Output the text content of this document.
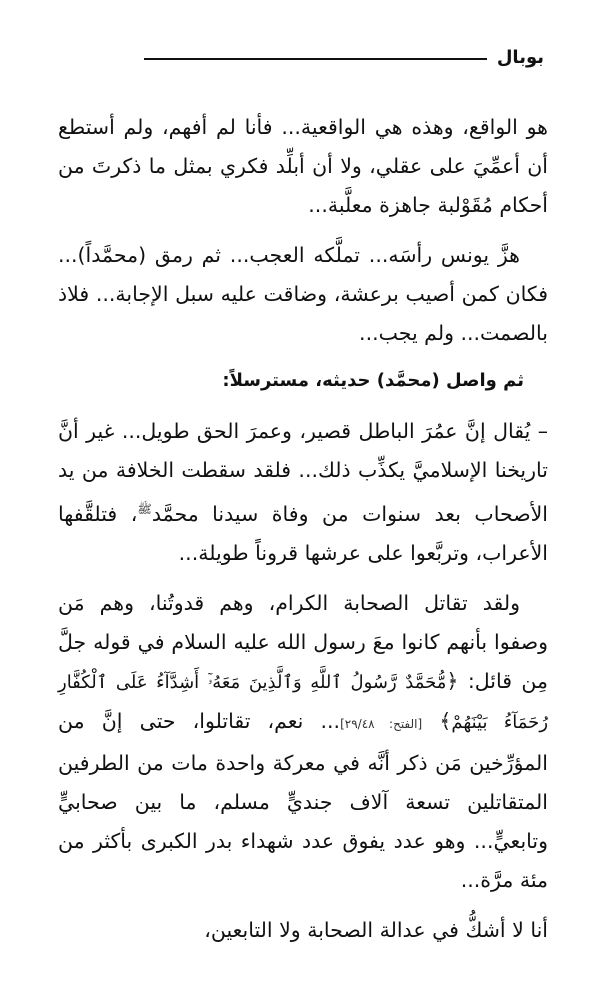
بوبال

هو الواقع، وهذه هي الواقعية... فأنا لم أفهم، ولم أستطع أن أعمِّيَ على عقلي، ولا أن أبلِّد فكري بمثل ما ذكرتَ من أحكام مُقَوْلبة جاهزة معلَّبة...

هزَّ يونس رأسَه... تملَّكه العجب... ثم رمق (محمَّداً)... فكان كمن أصيب برعشة، وضاقت عليه سبل الإجابة... فلاذ بالصمت... ولم يجب...

ثم واصل (محمَّد) حديثه، مسترسلاً:

– يُقال إنَّ عمُرَ الباطل قصير، وعمرَ الحق طويل... غير أنَّ تاريخنا الإسلاميَّ يكذِّب ذلك... فلقد سقطت الخلافة من يد الأصحاب بعد سنوات من وفاة سيدنا محمَّد$^ﷺ$، فتلقَّفها الأعراب، وتربَّعوا على عرشها قروناً طويلة...

ولقد تقاتل الصحابة الكرام، وهم قدوتُنا، وهم مَن وصفوا بأنهم كانوا معَ رسول الله عليه السلام في قوله جلَّ مِن قائل: ﴿مُّحَمَّدٌ رَّسُولُ ٱللَّهِ وَٱلَّذِينَ مَعَهُۥٓ أَشِدَّآءُ عَلَى ٱلْكُفَّارِ رُحَمَآءُ بَيْنَهُمْ﴾ [الفتح: ٢٩/٤٨]... نعم، تقاتلوا، حتى إنَّ من المؤرِّخين مَن ذكر أنَّه في معركة واحدة مات من الطرفين المتقاتلين تسعة آلاف جنديٍّ مسلم، ما بين صحابيٍّ وتابعيٍّ... وهو عدد يفوق عدد شهداء بدر الكبرى بأكثر من مئة مرَّة...

أنا لا أشكُّ في عدالة الصحابة ولا التابعين،
